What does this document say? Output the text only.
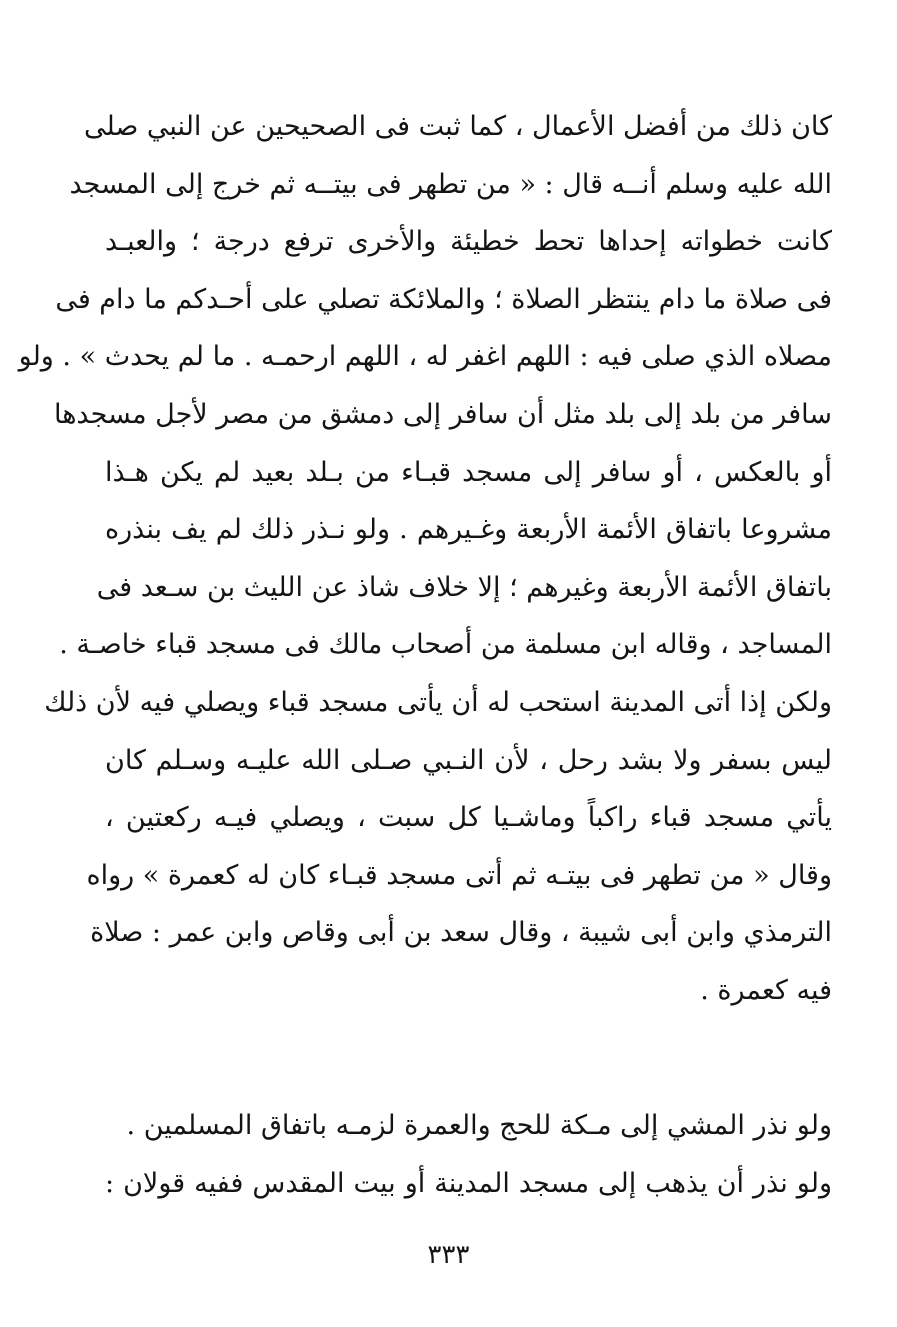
كان ذلك من أفضل الأعمال ، كما ثبت فى الصحيحين عن النبي صلى
الله عليه وسلم أنــه قال : « من تطهر فى بيتــه ثم خرج إلى المسجد
كانت خطواته إحداها تحط خطيئة والأخرى ترفع درجة ؛ والعبـد
فى صلاة ما دام ينتظر الصلاة ؛ والملائكة تصلي على أحـدكم ما دام فى
مصلاه الذي صلى فيه : اللهم اغفر له ، اللهم ارحمـه . ما لم يحدث » . ولو
سافر من بلد إلى بلد مثل أن سافر إلى دمشق من مصر لأجل مسجدها
أو بالعكس ، أو سافر إلى مسجد قبـاء من بـلد بعيد لم يكن هـذا
مشروعا باتفاق الأئمة الأربعة وغـيرهم . ولو نـذر ذلك لم يف بنذره
باتفاق الأئمة الأربعة وغيرهم ؛ إلا خلاف شاذ عن الليث بن سـعد فى
المساجد ، وقاله ابن مسلمة من أصحاب مالك فى مسجد قباء خاصـة .
ولكن إذا أتى المدينة استحب له أن يأتى مسجد قباء ويصلي فيه لأن ذلك
ليس بسفر ولا بشد رحل ، لأن النـبي صـلى الله عليـه وسـلم كان
يأتي مسجد قباء راكباً وماشـيا كل سبت ، ويصلي فيـه ركعتين ،
وقال « من تطهر فى بيتـه ثم أتى مسجد قبـاء كان له كعمرة » رواه
الترمذي وابن أبى شيبة ، وقال سعد بن أبى وقاص وابن عمر : صلاة
فيه كعمرة .
ولو نذر المشي إلى مـكة للحج والعمرة لزمـه باتفاق المسلمين .
ولو نذر أن يذهب إلى مسجد المدينة أو بيت المقدس ففيه قولان :
٣٣٣
